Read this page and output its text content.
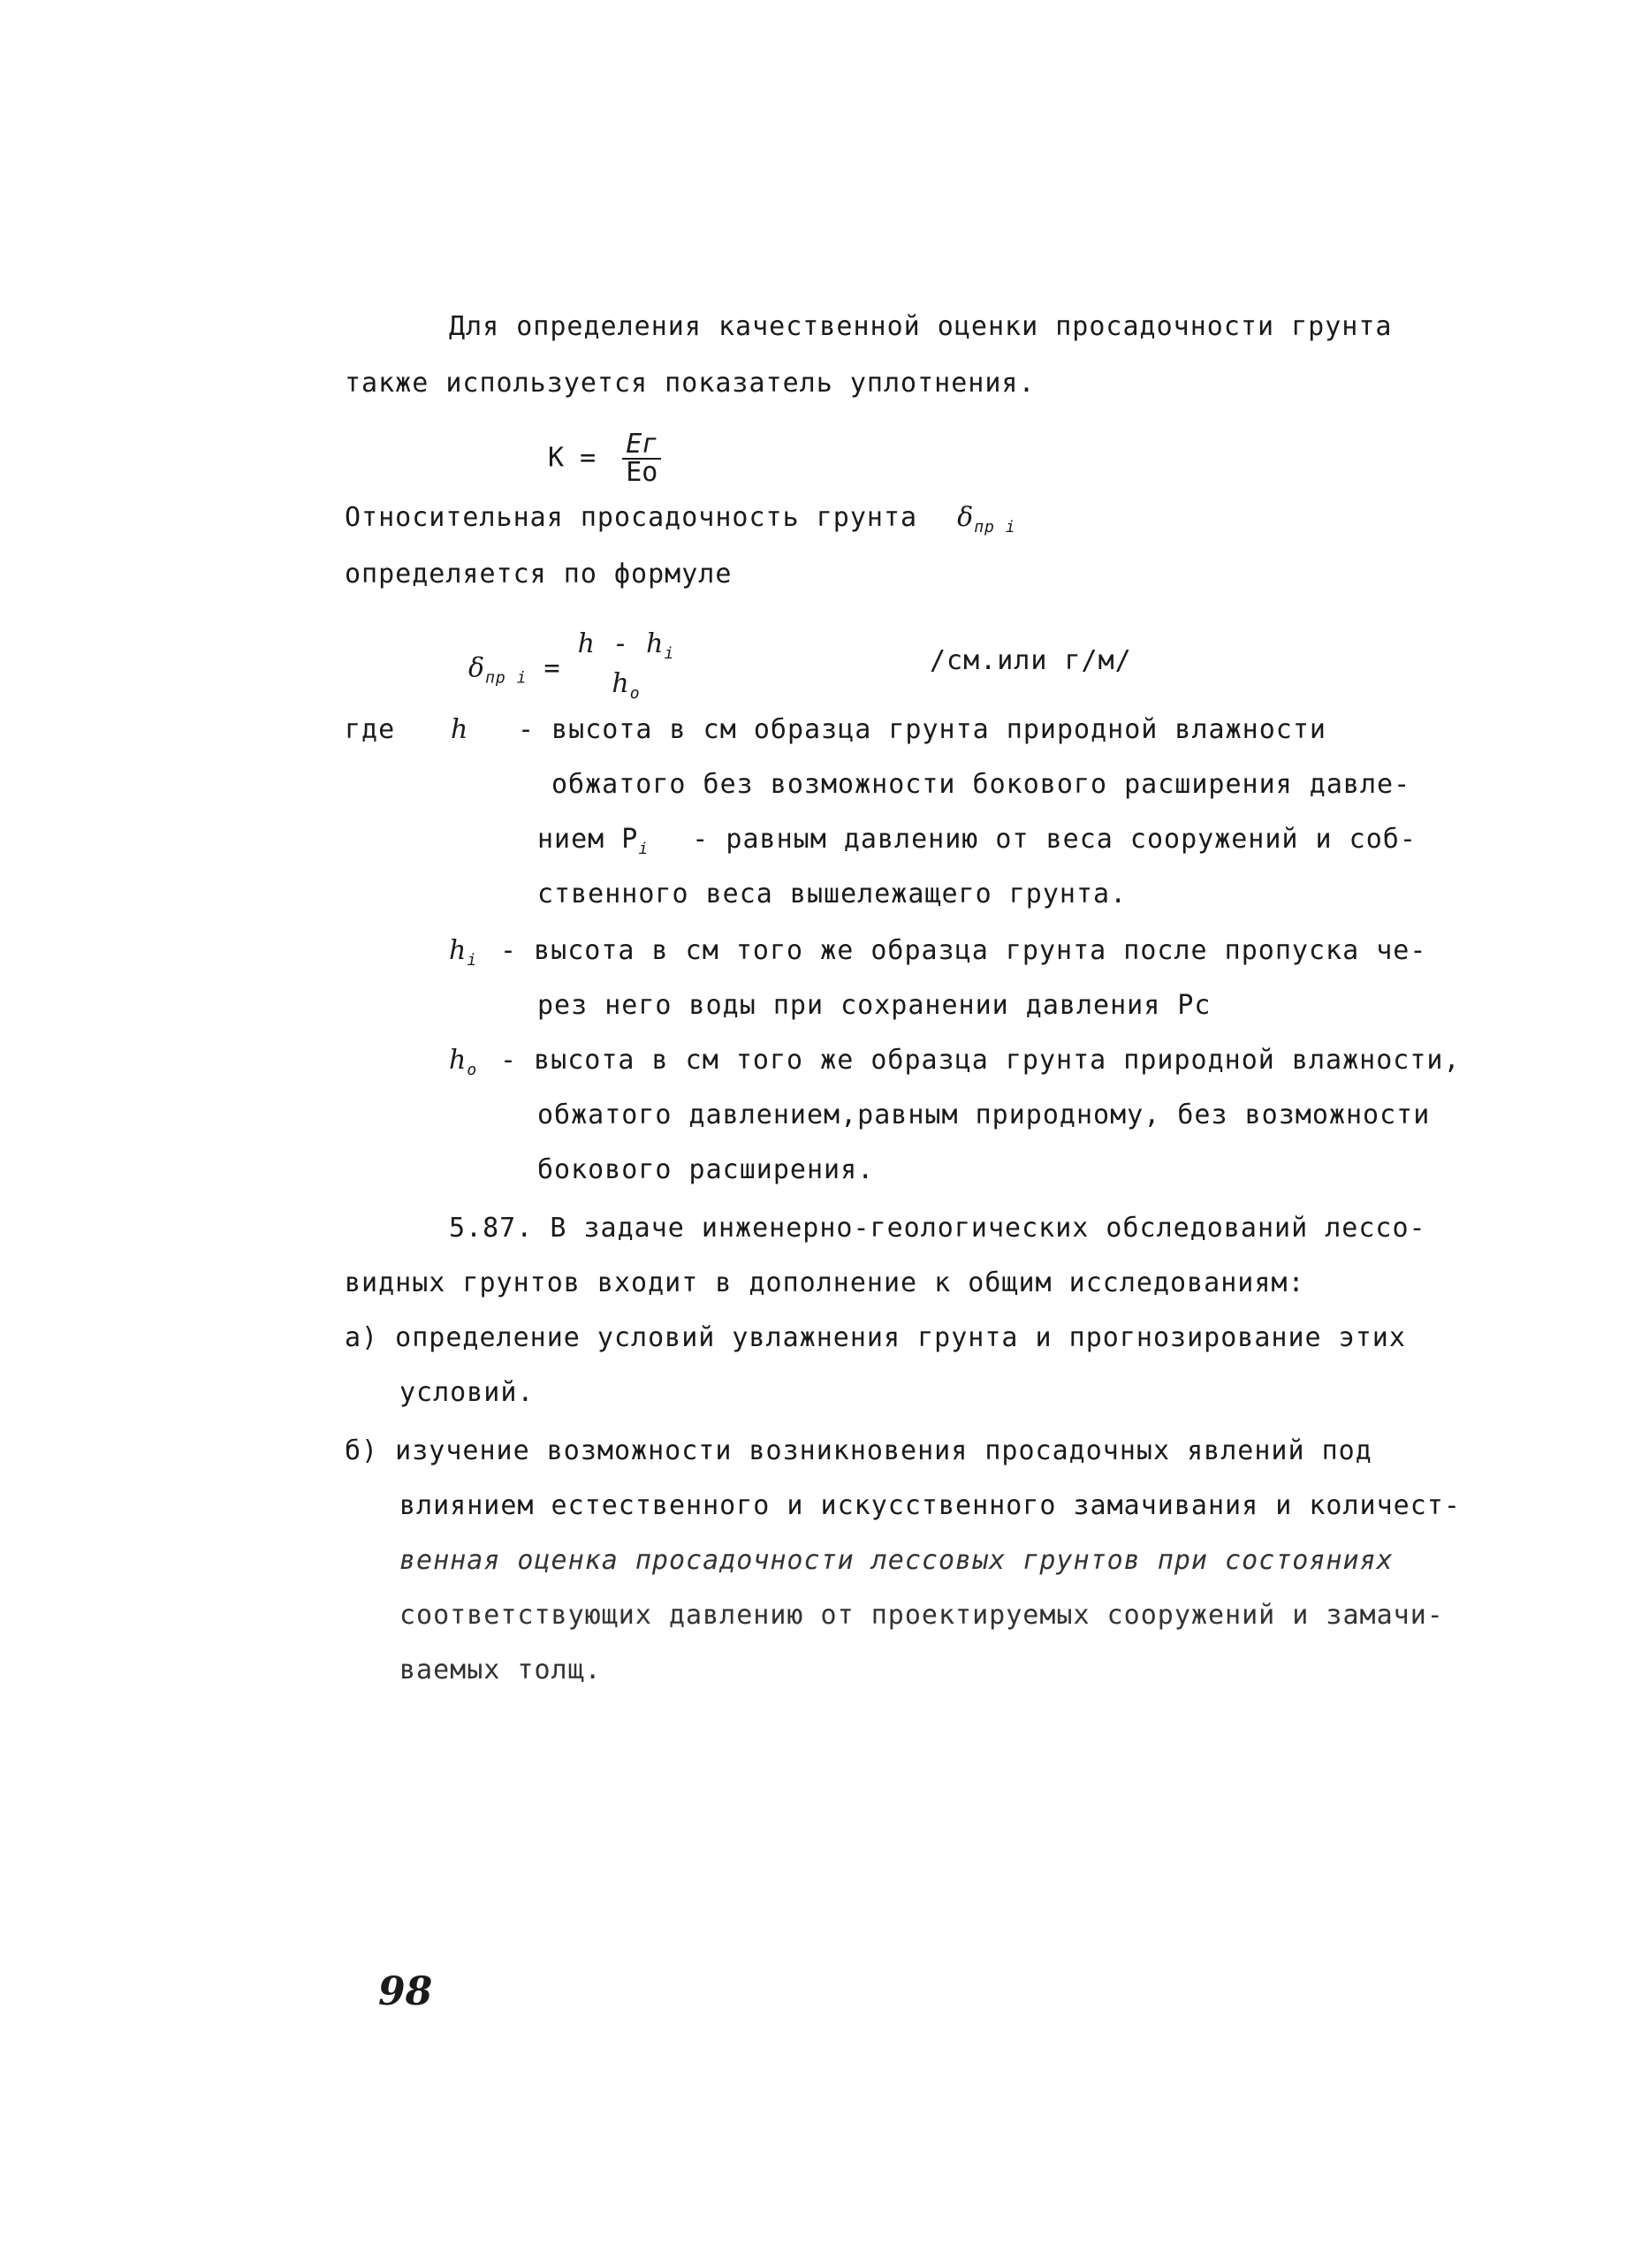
Для определения качественной оценки просадочности грунта
также используется показатель уплотнения.
$К = \frac{Ег}{Ео}$
Относительная просадочность грунта $\delta_{пр i}$
определяется по формуле
$\delta_{пр i}$ =
h - $h_i$
$h_o$
/см.или г/м/
где h - высота в см образца грунта природной влажности
обжатого без возможности бокового расширения давле-
нием $Р_i$ - равным давлению от веса сооружений и соб-
ственного веса вышележащего грунта.
$h_i$ - высота в см того же образца грунта после пропуска че-
рез него воды при сохранении давления Рс
$h_o$ - высота в см того же образца грунта природной влажности,
обжатого давлением,равным природному, без возможности
бокового расширения.
5.87. В задаче инженерно-геологических обследований лессо-
видных грунтов входит в дополнение к общим исследованиям:
а) определение условий увлажнения грунта и прогнозирование этих
условий.
б) изучение возможности возникновения просадочных явлений под
влиянием естественного и искусственного замачивания и количест-
венная оценка просадочности лессовых грунтов при состояниях
соответствующих давлению от проектируемых сооружений и замачи-
ваемых толщ.
98
